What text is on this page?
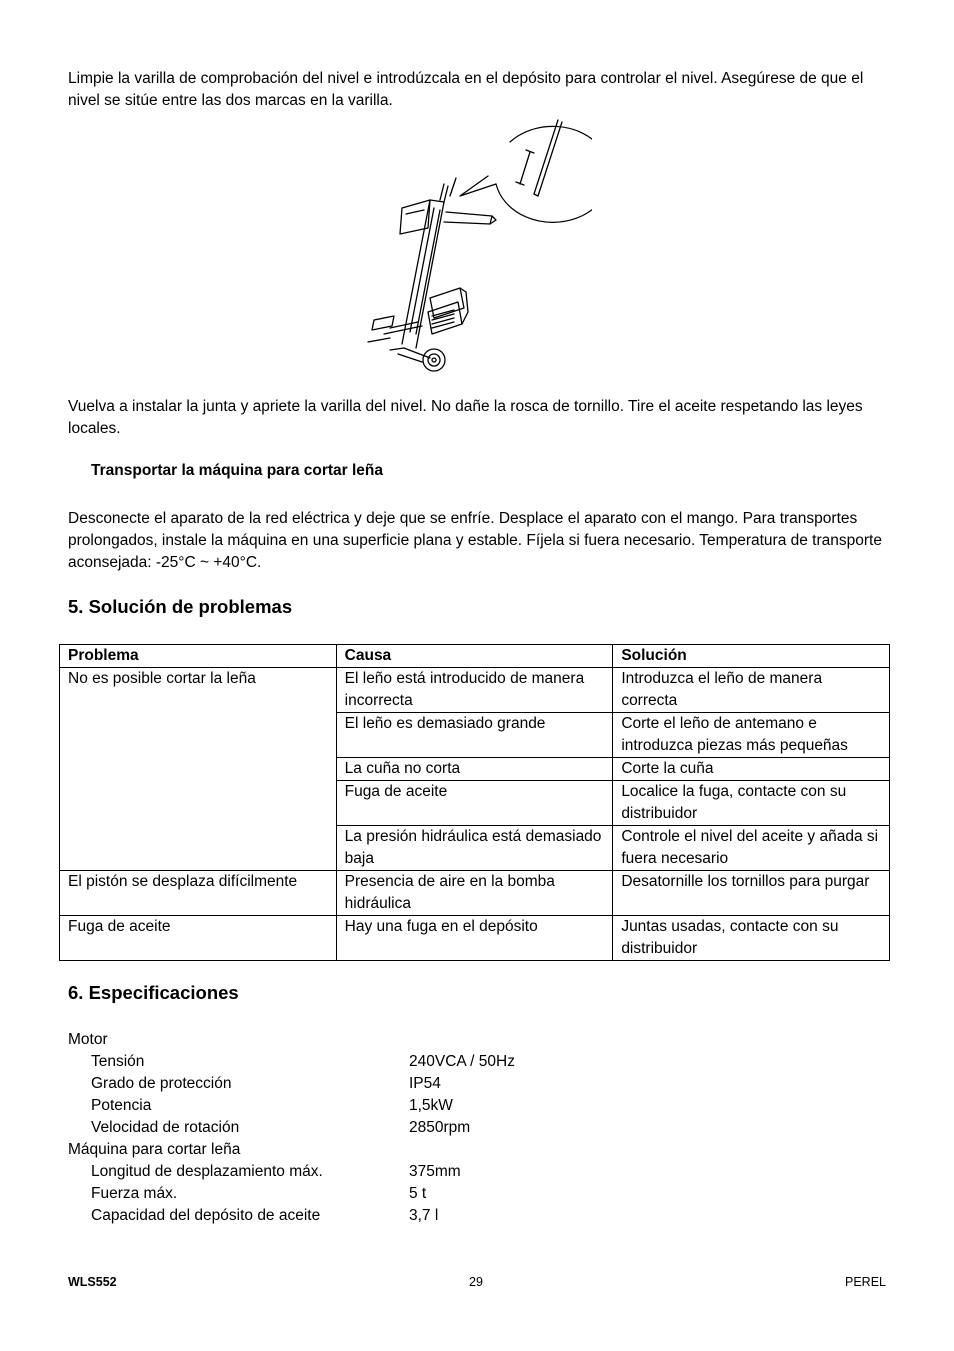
Limpie la varilla de comprobación del nivel e introdúzcala en el depósito para controlar el nivel. Asegúrese de que el nivel se sitúe entre las dos marcas en la varilla.

Vuelva a instalar la junta y apriete la varilla del nivel. No dañe la rosca de tornillo. Tire el aceite respetando las leyes locales.

Transportar la máquina para cortar leña

Desconecte el aparato de la red eléctrica y deje que se enfríe. Desplace el aparato con el mango. Para transportes prolongados, instale la máquina en una superficie plana y estable. Fíjela si fuera necesario. Temperatura de transporte aconsejada: -25°C ~ +40°C.

5. Solución de problemas
Problema	Causa	Solución
No es posible cortar la leña	El leño está introducido de manera incorrecta	Introduzca el leño de manera correcta
	El leño es demasiado grande	Corte el leño de antemano e introduzca piezas más pequeñas
	La cuña no corta	Corte la cuña
	Fuga de aceite	Localice la fuga, contacte con su distribuidor
	La presión hidráulica está demasiado baja	Controle el nivel del aceite y añada si fuera necesario
El pistón se desplaza difícilmente	Presencia de aire en la bomba hidráulica	Desatornille los tornillos para purgar
Fuga de aceite	Hay una fuga en el depósito	Juntas usadas, contacte con su distribuidor
6. Especificaciones
Motor
Tensión	240VCA / 50Hz
Grado de protección	IP54
Potencia	1,5kW
Velocidad de rotación	2850rpm
Máquina para cortar leña
Longitud de desplazamiento máx.	375mm
Fuerza máx.	5 t
Capacidad del depósito de aceite	3,7 l
WLS552	29	PEREL
